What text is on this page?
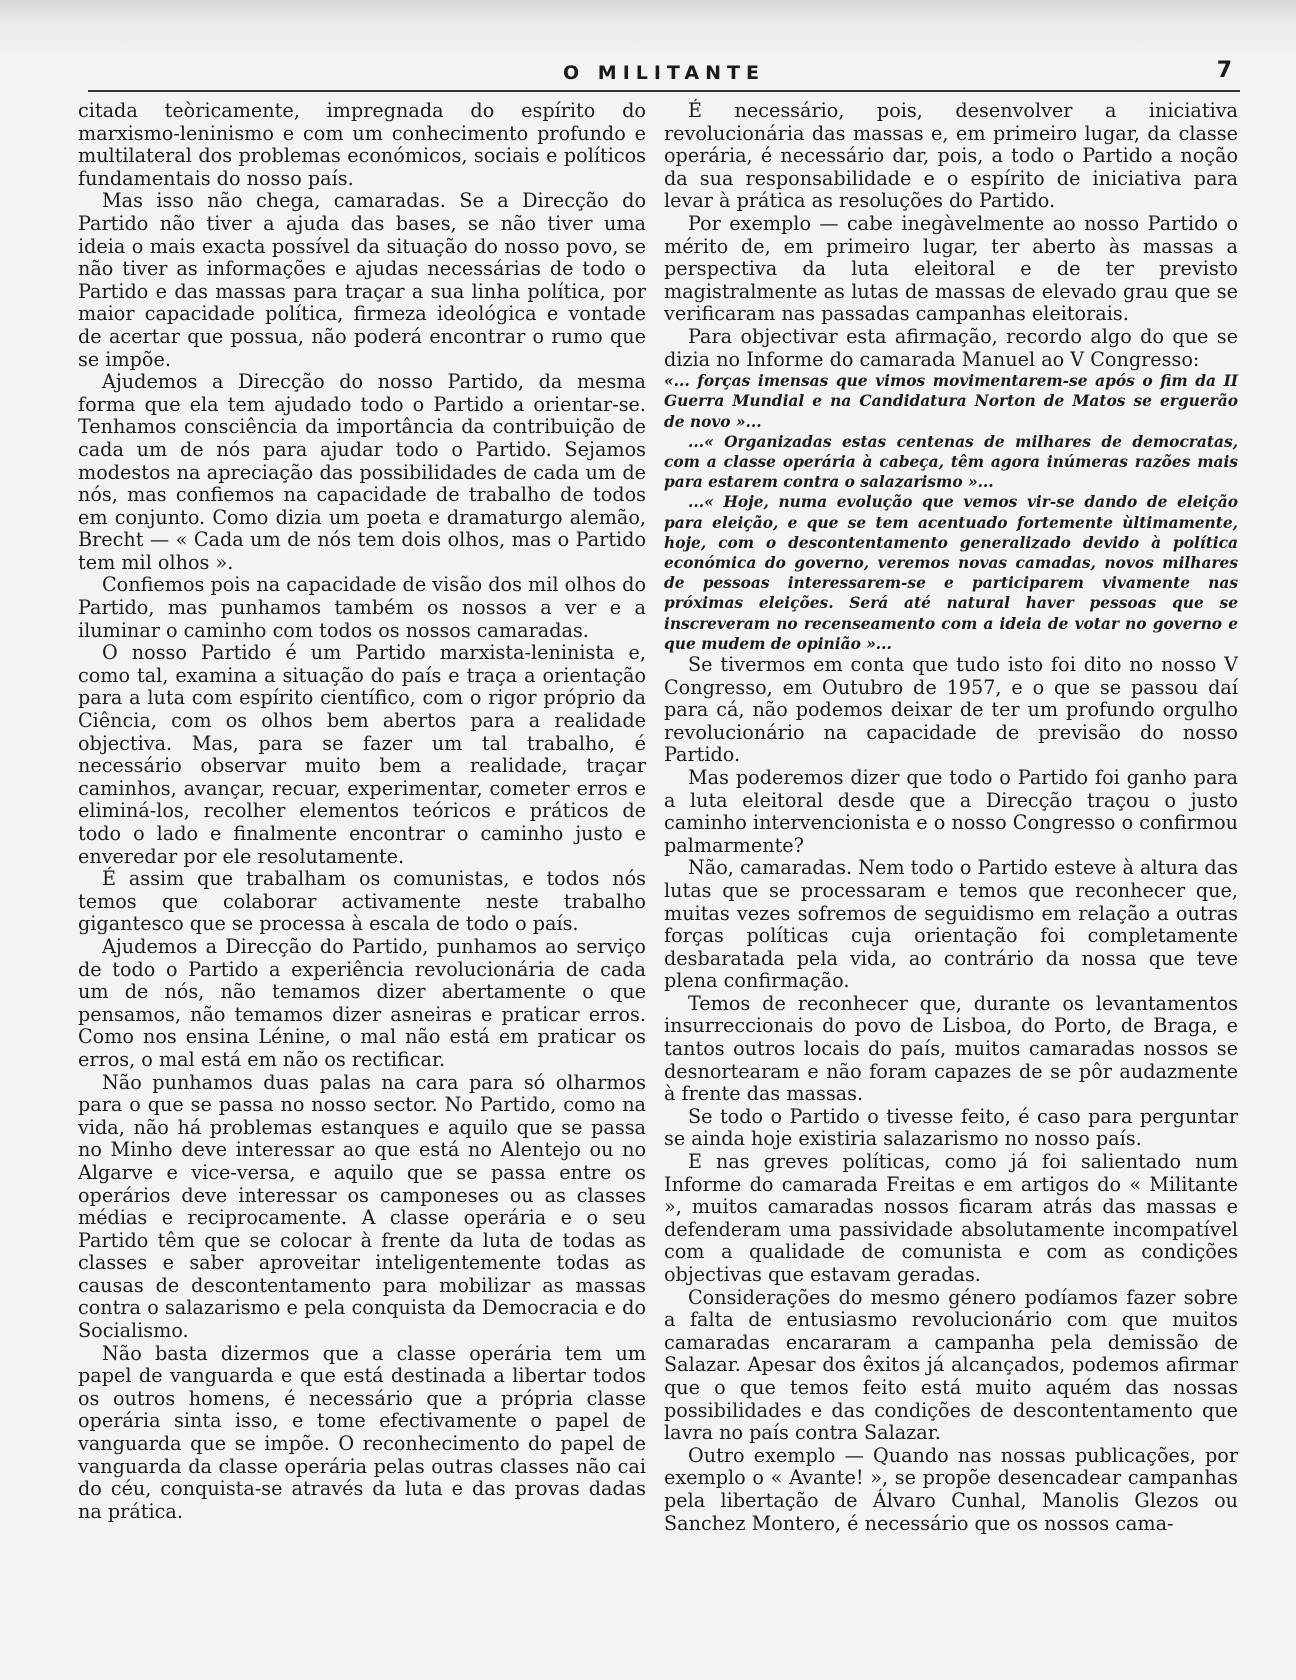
O MILITANTE	7

citada teòricamente, impregnada do espírito do marxismo-leninismo e com um conhecimento profundo e multilateral dos problemas económicos, sociais e políticos fundamentais do nosso país.

Mas isso não chega, camaradas. Se a Direcção do Partido não tiver a ajuda das bases, se não tiver uma ideia o mais exacta possível da situação do nosso povo, se não tiver as informações e ajudas necessárias de todo o Partido e das massas para traçar a sua linha política, por maior capacidade política, firmeza ideológica e vontade de acertar que possua, não poderá encontrar o rumo que se impõe.

Ajudemos a Direcção do nosso Partido, da mesma forma que ela tem ajudado todo o Partido a orientar-se. Tenhamos consciência da importância da contribuição de cada um de nós para ajudar todo o Partido. Sejamos modestos na apreciação das possibilidades de cada um de nós, mas confiemos na capacidade de trabalho de todos em conjunto. Como dizia um poeta e dramaturgo alemão, Brecht — « Cada um de nós tem dois olhos, mas o Partido tem mil olhos ».

Confiemos pois na capacidade de visão dos mil olhos do Partido, mas punhamos também os nossos a ver e a iluminar o caminho com todos os nossos camaradas.

O nosso Partido é um Partido marxista-leninista e, como tal, examina a situação do país e traça a orientação para a luta com espírito científico, com o rigor próprio da Ciência, com os olhos bem abertos para a realidade objectiva. Mas, para se fazer um tal trabalho, é necessário observar muito bem a realidade, traçar caminhos, avançar, recuar, experimentar, cometer erros e eliminá-los, recolher elementos teóricos e práticos de todo o lado e finalmente encontrar o caminho justo e enveredar por ele resolutamente.

É assim que trabalham os comunistas, e todos nós temos que colaborar activamente neste trabalho gigantesco que se processa à escala de todo o país.

Ajudemos a Direcção do Partido, punhamos ao serviço de todo o Partido a experiência revolucionária de cada um de nós, não temamos dizer abertamente o que pensamos, não temamos dizer asneiras e praticar erros. Como nos ensina Lénine, o mal não está em praticar os erros, o mal está em não os rectificar.

Não punhamos duas palas na cara para só olharmos para o que se passa no nosso sector. No Partido, como na vida, não há problemas estanques e aquilo que se passa no Minho deve interessar ao que está no Alentejo ou no Algarve e vice-versa, e aquilo que se passa entre os operários deve interessar os camponeses ou as classes médias e reciprocamente. A classe operária e o seu Partido têm que se colocar à frente da luta de todas as classes e saber aproveitar inteligentemente todas as causas de descontentamento para mobilizar as massas contra o salazarismo e pela conquista da Democracia e do Socialismo.

Não basta dizermos que a classe operária tem um papel de vanguarda e que está destinada a libertar todos os outros homens, é necessário que a própria classe operária sinta isso, e tome efectivamente o papel de vanguarda que se impõe. O reconhecimento do papel de vanguarda da classe operária pelas outras classes não cai do céu, conquista-se através da luta e das provas dadas na prática.

É necessário, pois, desenvolver a iniciativa revolucionária das massas e, em primeiro lugar, da classe operária, é necessário dar, pois, a todo o Partido a noção da sua responsabilidade e o espírito de iniciativa para levar à prática as resoluções do Partido.

Por exemplo — cabe inegàvelmente ao nosso Partido o mérito de, em primeiro lugar, ter aberto às massas a perspectiva da luta eleitoral e de ter previsto magistralmente as lutas de massas de elevado grau que se verificaram nas passadas campanhas eleitorais.

Para objectivar esta afirmação, recordo algo do que se dizia no Informe do camarada Manuel ao V Congresso:

«... forças imensas que vimos movimentarem-se após o fim da II Guerra Mundial e na Candidatura Norton de Matos se erguerão de novo »...

...« Organizadas estas centenas de milhares de democratas, com a classe operária à cabeça, têm agora inúmeras razões mais para estarem contra o salazarismo »...

...« Hoje, numa evolução que vemos vir-se dando de eleição para eleição, e que se tem acentuado fortemente ùltimamente, hoje, com o descontentamento generalizado devido à política económica do governo, veremos novas camadas, novos milhares de pessoas interessarem-se e participarem vivamente nas próximas eleições. Será até natural haver pessoas que se inscreveram no recenseamento com a ideia de votar no governo e que mudem de opinião »...

Se tivermos em conta que tudo isto foi dito no nosso V Congresso, em Outubro de 1957, e o que se passou daí para cá, não podemos deixar de ter um profundo orgulho revolucionário na capacidade de previsão do nosso Partido.

Mas poderemos dizer que todo o Partido foi ganho para a luta eleitoral desde que a Direcção traçou o justo caminho intervencionista e o nosso Congresso o confirmou palmarmente?

Não, camaradas. Nem todo o Partido esteve à altura das lutas que se processaram e temos que reconhecer que, muitas vezes sofremos de seguidismo em relação a outras forças políticas cuja orientação foi completamente desbaratada pela vida, ao contrário da nossa que teve plena confirmação.

Temos de reconhecer que, durante os levantamentos insurreccionais do povo de Lisboa, do Porto, de Braga, e tantos outros locais do país, muitos camaradas nossos se desnortearam e não foram capazes de se pôr audazmente à frente das massas.

Se todo o Partido o tivesse feito, é caso para perguntar se ainda hoje existiria salazarismo no nosso país.

E nas greves políticas, como já foi salientado num Informe do camarada Freitas e em artigos do « Militante », muitos camaradas nossos ficaram atrás das massas e defenderam uma passividade absolutamente incompatível com a qualidade de comunista e com as condições objectivas que estavam geradas.

Considerações do mesmo género podíamos fazer sobre a falta de entusiasmo revolucionário com que muitos camaradas encararam a campanha pela demissão de Salazar. Apesar dos êxitos já alcançados, podemos afirmar que o que temos feito está muito aquém das nossas possibilidades e das condições de descontentamento que lavra no país contra Salazar.

Outro exemplo — Quando nas nossas publicações, por exemplo o « Avante! », se propõe desencadear campanhas pela libertação de Álvaro Cunhal, Manolis Glezos ou Sanchez Montero, é necessário que os nossos cama-
